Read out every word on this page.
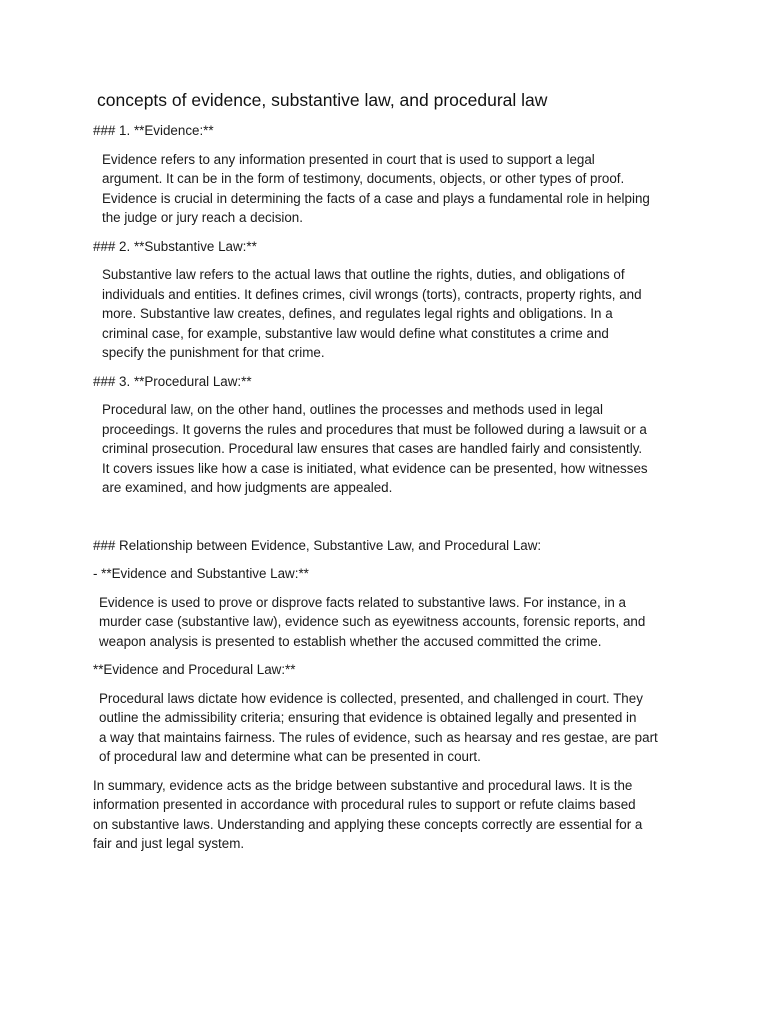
concepts of evidence, substantive law, and procedural law
### 1. **Evidence:**

Evidence refers to any information presented in court that is used to support a legal
argument. It can be in the form of testimony, documents, objects, or other types of proof.
Evidence is crucial in determining the facts of a case and plays a fundamental role in helping
the judge or jury reach a decision.

### 2. **Substantive Law:**

Substantive law refers to the actual laws that outline the rights, duties, and obligations of
individuals and entities. It defines crimes, civil wrongs (torts), contracts, property rights, and
more. Substantive law creates, defines, and regulates legal rights and obligations. In a
criminal case, for example, substantive law would define what constitutes a crime and
specify the punishment for that crime.

### 3. **Procedural Law:**

Procedural law, on the other hand, outlines the processes and methods used in legal
proceedings. It governs the rules and procedures that must be followed during a lawsuit or a
criminal prosecution. Procedural law ensures that cases are handled fairly and consistently.
It covers issues like how a case is initiated, what evidence can be presented, how witnesses
are examined, and how judgments are appealed.

### Relationship between Evidence, Substantive Law, and Procedural Law:
- **Evidence and Substantive Law:**

Evidence is used to prove or disprove facts related to substantive laws. For instance, in a
murder case (substantive law), evidence such as eyewitness accounts, forensic reports, and
weapon analysis is presented to establish whether the accused committed the crime.

**Evidence and Procedural Law:**

Procedural laws dictate how evidence is collected, presented, and challenged in court. They
outline the admissibility criteria; ensuring that evidence is obtained legally and presented in
a way that maintains fairness. The rules of evidence, such as hearsay and res gestae, are part
of procedural law and determine what can be presented in court.

In summary, evidence acts as the bridge between substantive and procedural laws. It is the
information presented in accordance with procedural rules to support or refute claims based
on substantive laws. Understanding and applying these concepts correctly are essential for a
fair and just legal system.
